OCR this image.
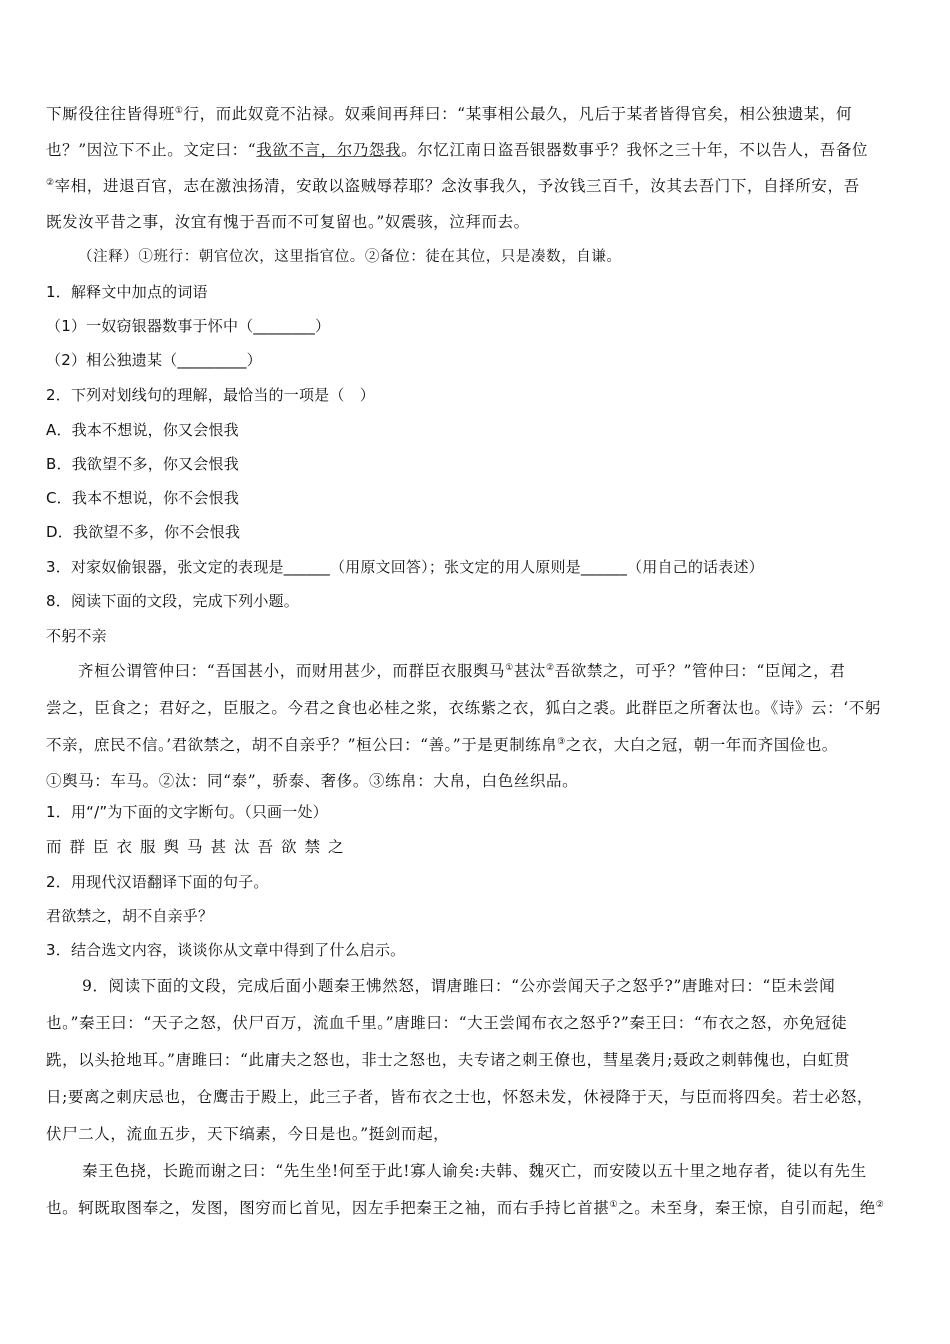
下厮役往往皆得班①行，而此奴竟不沾禄。奴乘间再拜曰：“某事相公最久，凡后于某者皆得官矣，相公独遗某，何
也？”因泣下不止。文定曰：“我欲不言，尔乃怨我。尔忆江南日盗吾银器数事乎？我怀之三十年，不以告人，吾备位
②宰相，进退百官，志在激浊扬清，安敢以盗贼辱荐耶？念汝事我久，予汝钱三百千，汝其去吾门下，自择所安，吾
既发汝平昔之事，汝宜有愧于吾而不可复留也。”奴震骇，泣拜而去。
（注释）①班行：朝官位次，这里指官位。②备位：徒在其位，只是凑数，自谦。
1．解释文中加点的词语
（1）一奴窃银器数事于怀中（________）
（2）相公独遗某（_________）
2．下列对划线句的理解，最恰当的一项是（　）
A．我本不想说，你又会恨我
B．我欲望不多，你又会恨我
C．我本不想说，你不会恨我
D．我欲望不多，你不会恨我
3．对家奴偷银器，张文定的表现是______（用原文回答）；张文定的用人原则是______（用自己的话表述）
8．阅读下面的文段，完成下列小题。
不躬不亲
齐桓公谓管仲曰：“吾国甚小，而财用甚少，而群臣衣服舆马①甚汰②吾欲禁之，可乎？”管仲曰：“臣闻之，君
尝之，臣食之；君好之，臣服之。今君之食也必桂之浆，衣练紫之衣，狐白之裘。此群臣之所奢汰也。《诗》云：‘不躬
不亲，庶民不信。’君欲禁之，胡不自亲乎？”桓公曰：“善。”于是更制练帛③之衣，大白之冠，朝一年而齐国俭也。
①舆马：车马。②汰：同“泰”，骄泰、奢侈。③练帛：大帛，白色丝织品。
1．用“/”为下面的文字断句。（只画一处）
而群臣衣服舆马甚汰吾欲禁之
2．用现代汉语翻译下面的句子。
君欲禁之，胡不自亲乎？
3．结合选文内容，谈谈你从文章中得到了什么启示。
9．阅读下面的文段，完成后面小题秦王怫然怒，谓唐雎曰：“公亦尝闻天子之怒乎?”唐雎对曰：“臣未尝闻
也。”秦王曰：“天子之怒，伏尸百万，流血千里。”唐雎曰：“大王尝闻布衣之怒乎?”秦王曰：“布衣之怒，亦免冠徒
跣，以头抢地耳。”唐雎曰：“此庸夫之怒也，非士之怒也，夫专诸之刺王僚也，彗星袭月;聂政之刺韩傀也，白虹贯
日;要离之刺庆忌也，仓鹰击于殿上，此三子者，皆布衣之士也，怀怒未发，休祲降于天，与臣而将四矣。若士必怒，
伏尸二人，流血五步，天下缟素，今日是也。”挺剑而起，
秦王色挠，长跪而谢之曰：“先生坐!何至于此!寡人谕矣:夫韩、魏灭亡，而安陵以五十里之地存者，徒以有先生
也。轲既取图奉之，发图，图穷而匕首见，因左手把秦王之袖，而右手持匕首揕①之。未至身，秦王惊，自引而起，绝②
